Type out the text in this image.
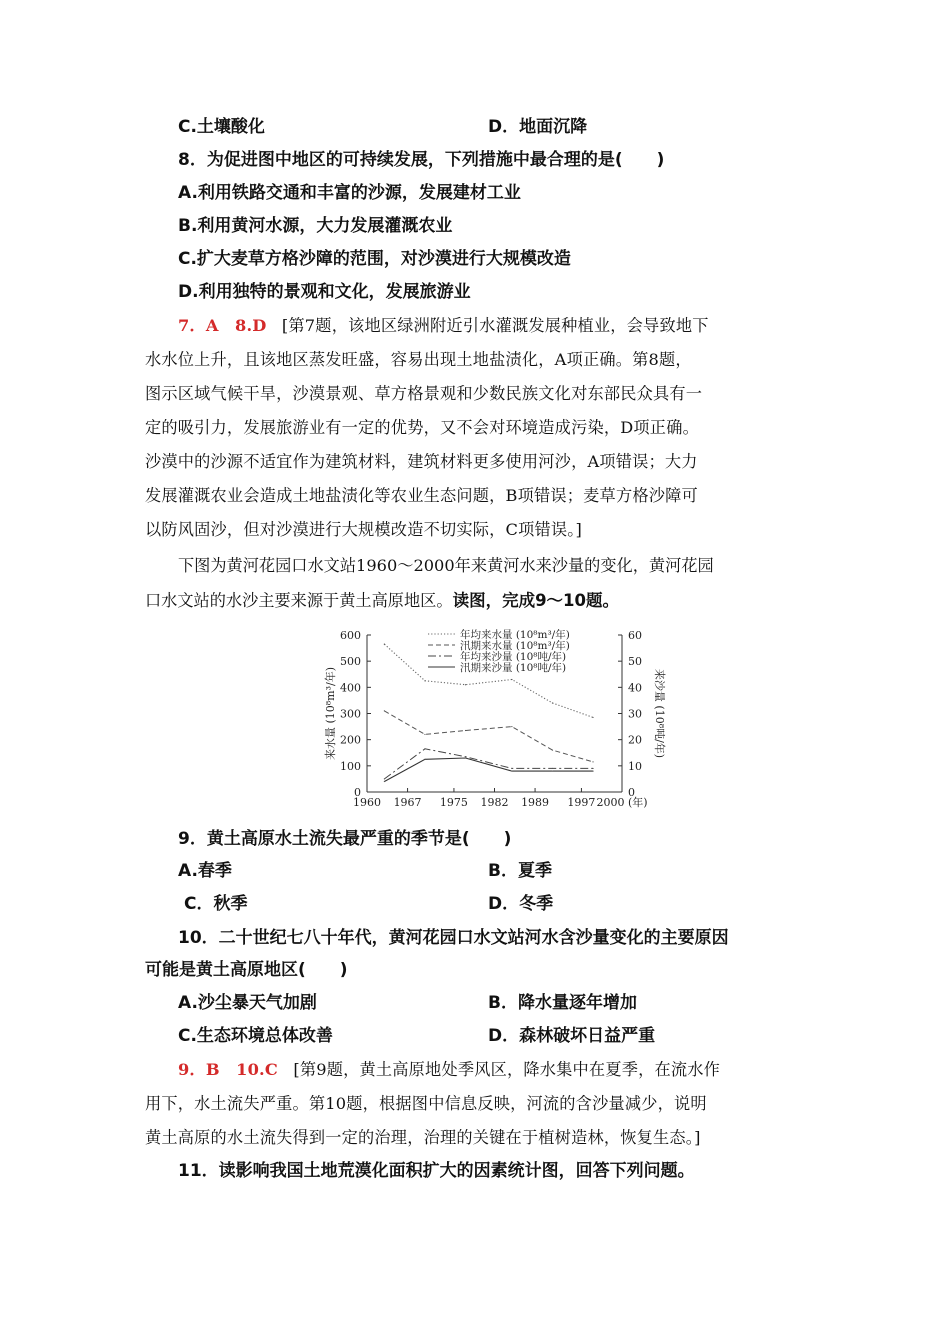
C.土壤酸化	D．地面沉降
8．为促进图中地区的可持续发展，下列措施中最合理的是(　　)
A.利用铁路交通和丰富的沙源，发展建材工业
B.利用黄河水源，大力发展灌溉农业
C.扩大麦草方格沙障的范围，对沙漠进行大规模改造
D.利用独特的景观和文化，发展旅游业
7．A　8.D [第7题，该地区绿洲附近引水灌溉发展种植业，会导致地下
水水位上升，且该地区蒸发旺盛，容易出现土地盐渍化，A项正确。第8题，
图示区域气候干旱，沙漠景观、草方格景观和少数民族文化对东部民众具有一
定的吸引力，发展旅游业有一定的优势，又不会对环境造成污染，D项正确。
沙漠中的沙源不适宜作为建筑材料，建筑材料更多使用河沙，A项错误；大力
发展灌溉农业会造成土地盐渍化等农业生态问题，B项错误；麦草方格沙障可
以防风固沙，但对沙漠进行大规模改造不切实际，C项错误。]
下图为黄河花园口水文站1960～2000年来黄河水来沙量的变化，黄河花园
口水文站的水沙主要来源于黄土高原地区。读图，完成9～10题。
0
100
200
300
400
500
600
0
10
20
30
40
50
60
1960 1967 1975 1982 1989 1997 2000 (年)
来水量 (10⁸m³/年)	来沙量 (10⁸吨/年)
年均来水量 (10⁸m³/年)
汛期来水量 (10⁸m³/年)
年均来沙量 (10⁸吨/年)
汛期来沙量 (10⁸吨/年)
9．黄土高原水土流失最严重的季节是(　　)
A.春季	B．夏季
C．秋季	D．冬季
10．二十世纪七八十年代，黄河花园口水文站河水含沙量变化的主要原因
可能是黄土高原地区(　　)
A.沙尘暴天气加剧	B．降水量逐年增加
C.生态环境总体改善	D．森林破坏日益严重
9．B　10.C [第9题，黄土高原地处季风区，降水集中在夏季，在流水作
用下，水土流失严重。第10题，根据图中信息反映，河流的含沙量减少，说明
黄土高原的水土流失得到一定的治理，治理的关键在于植树造林，恢复生态。]
11．读影响我国土地荒漠化面积扩大的因素统计图，回答下列问题。
